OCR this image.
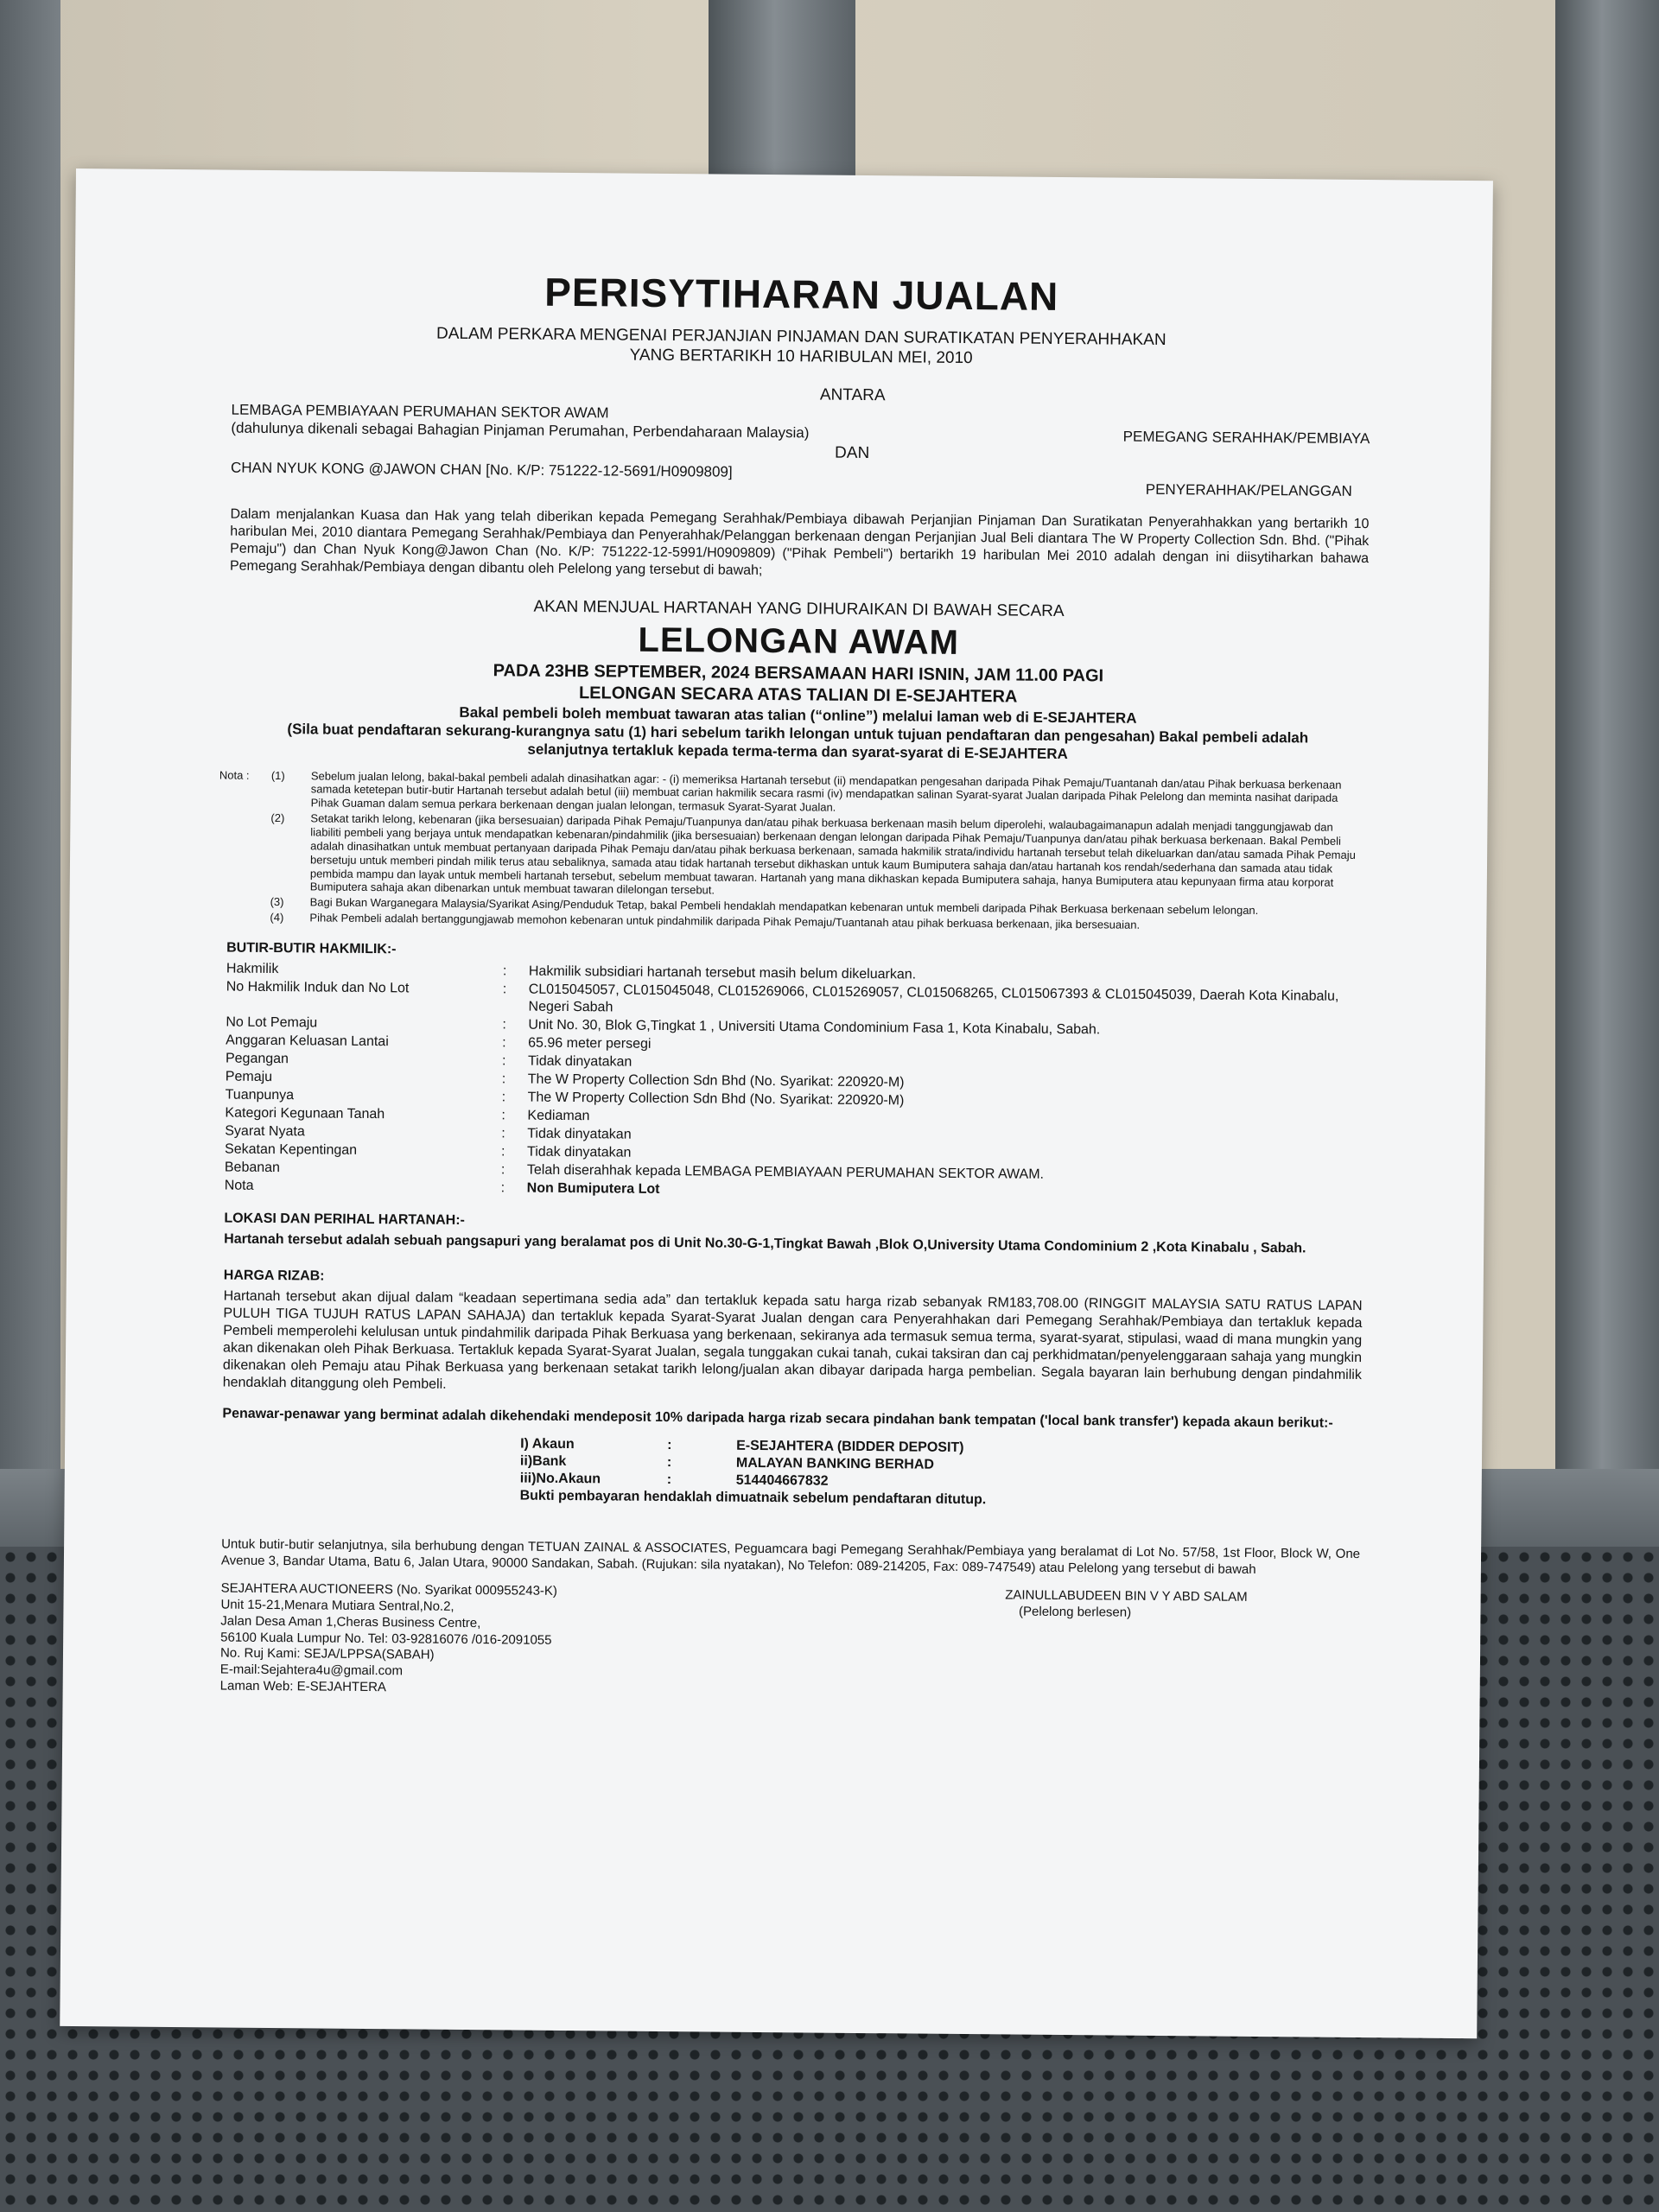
PERISYTIHARAN JUALAN
DALAM PERKARA MENGENAI PERJANJIAN PINJAMAN DAN SURATIKATAN PENYERAHHAKAN
YANG BERTARIKH 10 HARIBULAN MEI, 2010
ANTARA
LEMBAGA PEMBIAYAAN PERUMAHAN SEKTOR AWAM
(dahulunya dikenali sebagai Bahagian Pinjaman Perumahan, Perbendaharaan Malaysia)	PEMEGANG SERAHHAK/PEMBIAYA
DAN
CHAN NYUK KONG @JAWON CHAN [No. K/P: 751222-12-5691/H0909809]
PENYERAHHAK/PELANGGAN

Dalam menjalankan Kuasa dan Hak yang telah diberikan kepada Pemegang Serahhak/Pembiaya dibawah Perjanjian Pinjaman Dan Suratikatan Penyerahhakkan yang bertarikh 10 haribulan Mei, 2010 diantara Pemegang Serahhak/Pembiaya dan Penyerahhak/Pelanggan berkenaan dengan Perjanjian Jual Beli diantara The W Property Collection Sdn. Bhd. ("Pihak Pemaju") dan Chan Nyuk Kong@Jawon Chan (No. K/P: 751222-12-5991/H0909809) ("Pihak Pembeli") bertarikh 19 haribulan Mei 2010 adalah dengan ini diisytiharkan bahawa Pemegang Serahhak/Pembiaya dengan dibantu oleh Pelelong yang tersebut di bawah;

AKAN MENJUAL HARTANAH YANG DIHURAIKAN DI BAWAH SECARA
LELONGAN AWAM
PADA 23HB SEPTEMBER, 2024 BERSAMAAN HARI ISNIN, JAM 11.00 PAGI
LELONGAN SECARA ATAS TALIAN DI E-SEJAHTERA
Bakal pembeli boleh membuat tawaran atas talian (“online”) melalui laman web di E-SEJAHTERA
(Sila buat pendaftaran sekurang-kurangnya satu (1) hari sebelum tarikh lelongan untuk tujuan pendaftaran dan pengesahan) Bakal pembeli adalah selanjutnya tertakluk kepada terma-terma dan syarat-syarat di E-SEJAHTERA
Nota :	(1)	Sebelum jualan lelong, bakal-bakal pembeli adalah dinasihatkan agar: - (i) memeriksa Hartanah tersebut (ii) mendapatkan pengesahan daripada Pihak Pemaju/Tuantanah dan/atau Pihak berkuasa berkenaan samada ketetepan butir-butir Hartanah tersebut adalah betul (iii) membuat carian hakmilik secara rasmi (iv) mendapatkan salinan Syarat-syarat Jualan daripada Pihak Pelelong dan meminta nasihat daripada Pihak Guaman dalam semua perkara berkenaan dengan jualan lelongan, termasuk Syarat-Syarat Jualan.
(2)	Setakat tarikh lelong, kebenaran (jika bersesuaian) daripada Pihak Pemaju/Tuanpunya dan/atau pihak berkuasa berkenaan masih belum diperolehi, walaubagaimanapun adalah menjadi tanggungjawab dan liabiliti pembeli yang berjaya untuk mendapatkan kebenaran/pindahmilik (jika bersesuaian) berkenaan dengan lelongan daripada Pihak Pemaju/Tuanpunya dan/atau pihak berkuasa berkenaan. Bakal Pembeli adalah dinasihatkan untuk membuat pertanyaan daripada Pihak Pemaju dan/atau pihak berkuasa berkenaan, samada hakmilik strata/individu hartanah tersebut telah dikeluarkan dan/atau samada Pihak Pemaju bersetuju untuk memberi pindah milik terus atau sebaliknya, samada atau tidak hartanah tersebut dikhaskan untuk kaum Bumiputera sahaja dan/atau hartanah kos rendah/sederhana dan samada atau tidak pembida mampu dan layak untuk membeli hartanah tersebut, sebelum membuat tawaran. Hartanah yang mana dikhaskan kepada Bumiputera sahaja, hanya Bumiputera atau kepunyaan firma atau korporat Bumiputera sahaja akan dibenarkan untuk membuat tawaran dilelongan tersebut.
(3)	Bagi Bukan Warganegara Malaysia/Syarikat Asing/Penduduk Tetap, bakal Pembeli hendaklah mendapatkan kebenaran untuk membeli daripada Pihak Berkuasa berkenaan sebelum lelongan.
(4)	Pihak Pembeli adalah bertanggungjawab memohon kebenaran untuk pindahmilik daripada Pihak Pemaju/Tuantanah atau pihak berkuasa berkenaan, jika bersesuaian.
BUTIR-BUTIR HAKMILIK:-
Hakmilik	:	Hakmilik subsidiari hartanah tersebut masih belum dikeluarkan.
No Hakmilik Induk dan No Lot	:	CL015045057, CL015045048, CL015269066, CL015269057, CL015068265, CL015067393 & CL015045039, Daerah Kota Kinabalu, Negeri Sabah
No Lot Pemaju	:	Unit No. 30, Blok G,Tingkat 1 , Universiti Utama Condominium Fasa 1, Kota Kinabalu, Sabah.
Anggaran Keluasan Lantai	:	65.96 meter persegi
Pegangan	:	Tidak dinyatakan
Pemaju	:	The W Property Collection Sdn Bhd (No. Syarikat: 220920-M)
Tuanpunya	:	The W Property Collection Sdn Bhd (No. Syarikat: 220920-M)
Kategori Kegunaan Tanah	:	Kediaman
Syarat Nyata	:	Tidak dinyatakan
Sekatan Kepentingan	:	Tidak dinyatakan
Bebanan	:	Telah diserahhak kepada LEMBAGA PEMBIAYAAN PERUMAHAN SEKTOR AWAM.
Nota	:	Non Bumiputera Lot
LOKASI DAN PERIHAL HARTANAH:-

Hartanah tersebut adalah sebuah pangsapuri yang beralamat pos di Unit No.30-G-1,Tingkat Bawah ,Blok O,University Utama Condominium 2 ,Kota Kinabalu , Sabah.

HARGA RIZAB:

Hartanah tersebut akan dijual dalam “keadaan sepertimana sedia ada” dan tertakluk kepada satu harga rizab sebanyak RM183,708.00 (RINGGIT MALAYSIA SATU RATUS LAPAN PULUH TIGA TUJUH RATUS LAPAN SAHAJA) dan tertakluk kepada Syarat-Syarat Jualan dengan cara Penyerahhakan dari Pemegang Serahhak/Pembiaya dan tertakluk kepada Pembeli memperolehi kelulusan untuk pindahmilik daripada Pihak Berkuasa yang berkenaan, sekiranya ada termasuk semua terma, syarat-syarat, stipulasi, waad di mana mungkin yang akan dikenakan oleh Pihak Berkuasa. Tertakluk kepada Syarat-Syarat Jualan, segala tunggakan cukai tanah, cukai taksiran dan caj perkhidmatan/penyelenggaraan sahaja yang mungkin dikenakan oleh Pemaju atau Pihak Berkuasa yang berkenaan setakat tarikh lelong/jualan akan dibayar daripada harga pembelian. Segala bayaran lain berhubung dengan pindahmilik hendaklah ditanggung oleh Pembeli.

Penawar-penawar yang berminat adalah dikehendaki mendeposit 10% daripada harga rizab secara pindahan bank tempatan ('local bank transfer') kepada akaun berikut:-

I) Akaun	:	E-SEJAHTERA (BIDDER DEPOSIT)
ii)Bank	:	MALAYAN BANKING BERHAD
iii)No.Akaun	:	514404667832
Bukti pembayaran hendaklah dimuatnaik sebelum pendaftaran ditutup.

Untuk butir-butir selanjutnya, sila berhubung dengan TETUAN ZAINAL & ASSOCIATES, Peguamcara bagi Pemegang Serahhak/Pembiaya yang beralamat di Lot No. 57/58, 1st Floor, Block W, One Avenue 3, Bandar Utama, Batu 6, Jalan Utara, 90000 Sandakan, Sabah. (Rujukan: sila nyatakan), No Telefon: 089-214205, Fax: 089-747549) atau Pelelong yang tersebut di bawah

SEJAHTERA AUCTIONEERS (No. Syarikat 000955243-K)
Unit 15-21,Menara Mutiara Sentral,No.2,
Jalan Desa Aman 1,Cheras Business Centre,
56100 Kuala Lumpur No. Tel: 03-92816076 /016-2091055
No. Ruj Kami: SEJA/LPPSA(SABAH)
E-mail:Sejahtera4u@gmail.com
Laman Web: E-SEJAHTERA
ZAINULLABUDEEN BIN V Y ABD SALAM
(Pelelong berlesen)
